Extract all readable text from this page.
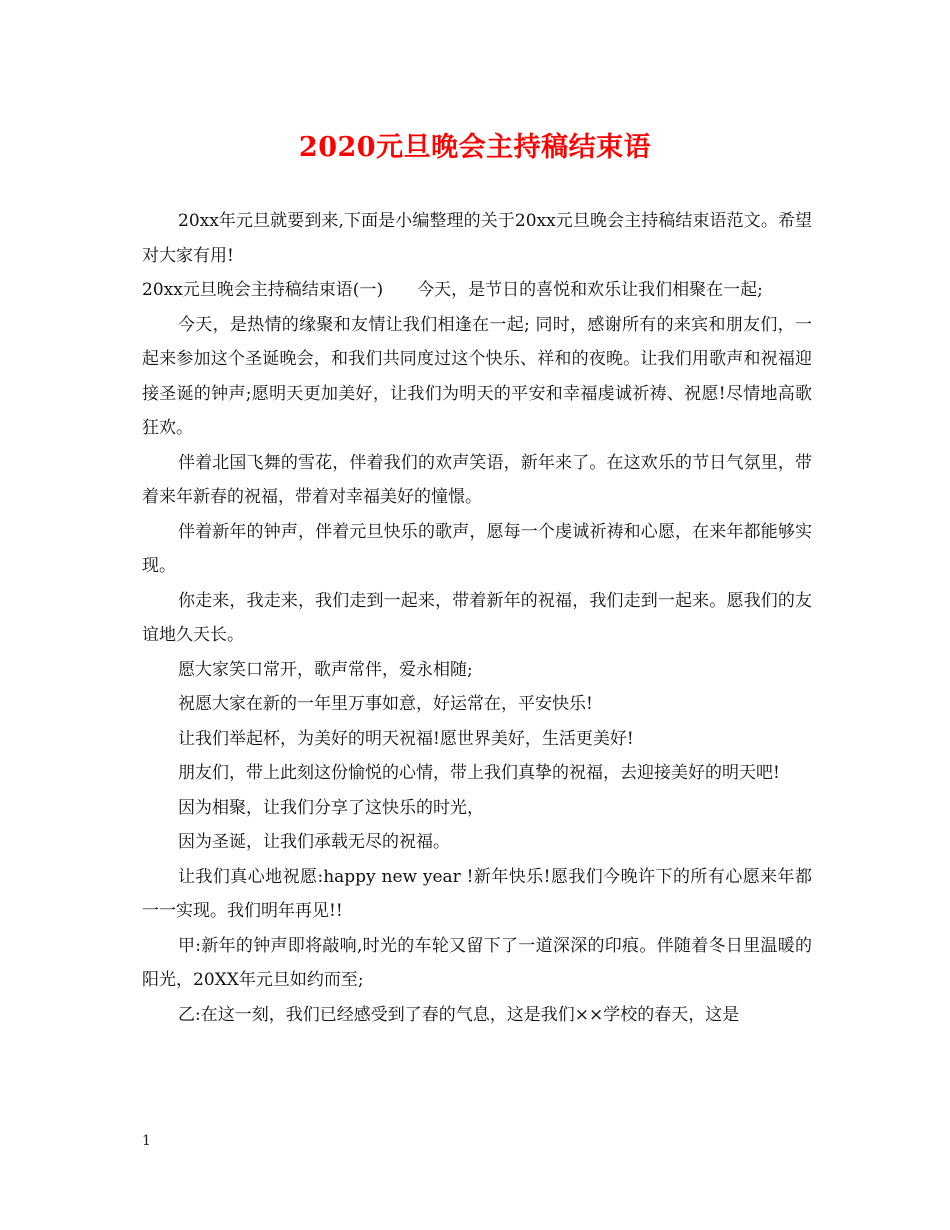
2020元旦晚会主持稿结束语

20xx年元旦就要到来,下面是小编整理的关于20xx元旦晚会主持稿结束语范文。希望对大家有用!

20xx元旦晚会主持稿结束语(一)　　今天，是节日的喜悦和欢乐让我们相聚在一起;

今天，是热情的缘聚和友情让我们相逢在一起; 同时，感谢所有的来宾和朋友们，一起来参加这个圣诞晚会，和我们共同度过这个快乐、祥和的夜晚。让我们用歌声和祝福迎接圣诞的钟声;愿明天更加美好，让我们为明天的平安和幸福虔诚祈祷、祝愿!尽情地高歌狂欢。

伴着北国飞舞的雪花，伴着我们的欢声笑语，新年来了。在这欢乐的节日气氛里，带着来年新春的祝福，带着对幸福美好的憧憬。

伴着新年的钟声，伴着元旦快乐的歌声，愿每一个虔诚祈祷和心愿，在来年都能够实现。

你走来，我走来，我们走到一起来，带着新年的祝福，我们走到一起来。愿我们的友谊地久天长。

愿大家笑口常开，歌声常伴，爱永相随;

祝愿大家在新的一年里万事如意，好运常在，平安快乐!

让我们举起杯，为美好的明天祝福!愿世界美好，生活更美好!

朋友们，带上此刻这份愉悦的心情，带上我们真挚的祝福，去迎接美好的明天吧!

因为相聚，让我们分享了这快乐的时光，

因为圣诞，让我们承载无尽的祝福。

让我们真心地祝愿:happy new year !新年快乐!愿我们今晚许下的所有心愿来年都一一实现。我们明年再见!!

甲:新年的钟声即将敲响,时光的车轮又留下了一道深深的印痕。伴随着冬日里温暖的阳光，20XX年元旦如约而至;

乙:在这一刻，我们已经感受到了春的气息，这是我们××学校的春天，这是

1
